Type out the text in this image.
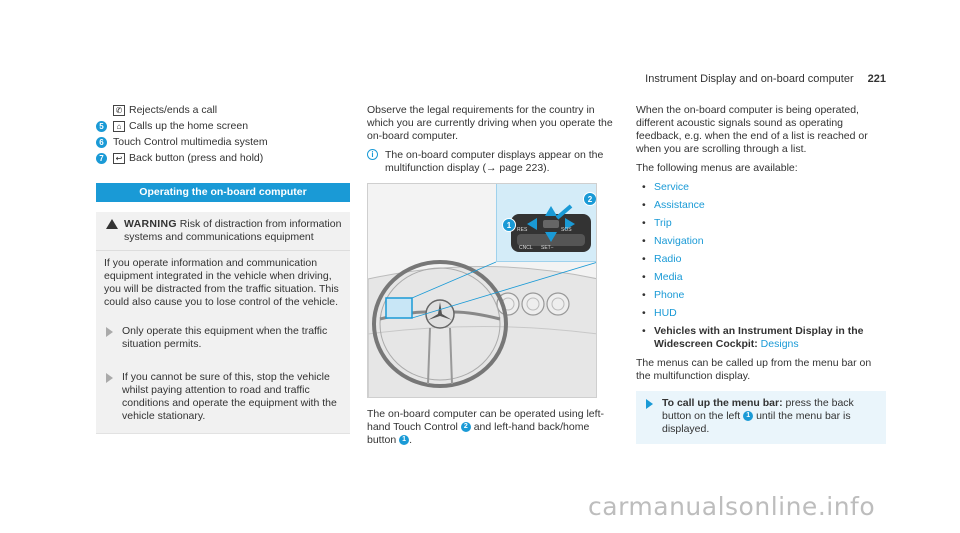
Instrument Display and on-board computer 221
✆ Rejects/ends a call
5	⌂ Calls up the home screen
6 Touch Control multimedia system
7	↩ Back button (press and hold)
Operating the on-board computer
WARNING Risk of distraction from information systems and communications equipment
If you operate information and communication equipment integrated in the vehicle when driving, you will be distracted from the traffic situation. This could also cause you to lose control of the vehicle.
Only operate this equipment when the traffic situation permits.
If you cannot be sure of this, stop the vehicle whilst paying attention to road and traffic conditions and operate the equipment with the vehicle stationary.
Observe the legal requirements for the country in which you are currently driving when you operate the on-board computer.
i	The on-board computer displays appear on the multifunction display (→ page 223).
RES	SOS
CNCL SET−
1
2
The on-board computer can be operated using left-hand Touch Control 2 and left-hand back/home button 1 .
When the on-board computer is being operated, different acoustic signals sound as operating feedback, e.g. when the end of a list is reached or when you are scrolling through a list.
The following menus are available:
• Service
• Assistance
• Trip
• Navigation
• Radio
• Media
• Phone
• HUD
• Vehicles with an Instrument Display in the Widescreen Cockpit: Designs
The menus can be called up from the menu bar on the multifunction display.
To call up the menu bar: press the back button on the left 1 until the menu bar is displayed.
carmanualsonline.info
